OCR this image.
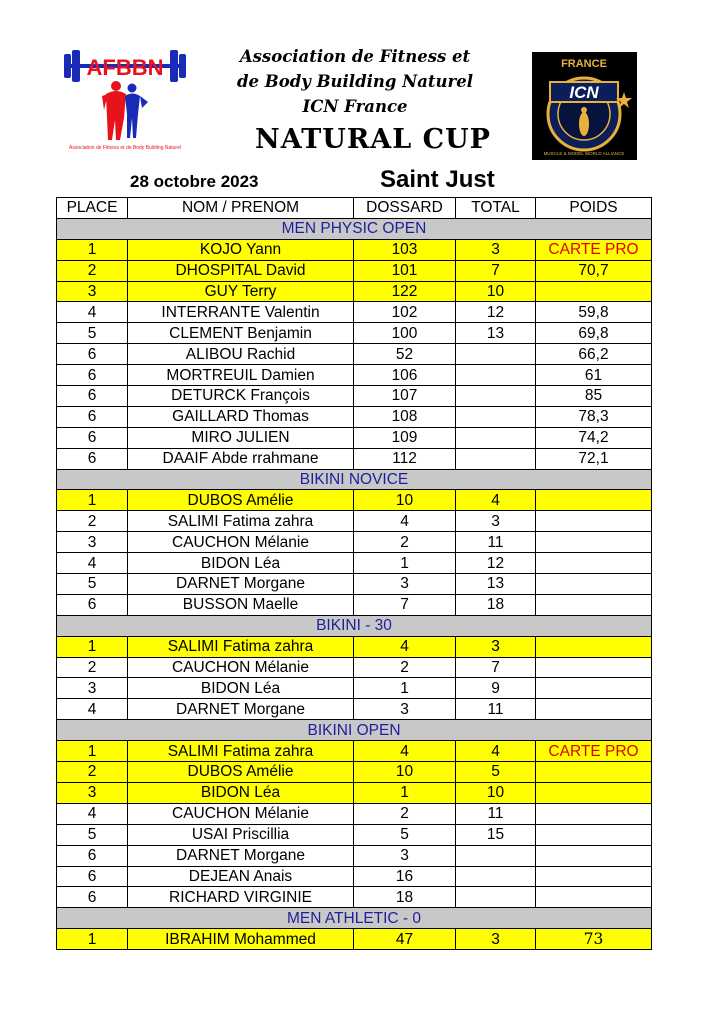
AFBBN
Association de Fitness et de Body Building Naturel
Association de Fitness et
de Body Building Naturel
ICN France
FRANCE
ICN
MUSCLE & MODEL WORLD ALLIANCE
NATURAL CUP
28 octobre 2023	Saint Just
PLACE	NOM / PRENOM	DOSSARD	TOTAL	POIDS
MEN PHYSIC OPEN				
1	KOJO Yann	103	3	CARTE PRO
2	DHOSPITAL David	101	7	70,7
3	GUY Terry	122	10	
4	INTERRANTE Valentin	102	12	59,8
5	CLEMENT Benjamin	100	13	69,8
6	ALIBOU Rachid	52		66,2
6	MORTREUIL Damien	106		61
6	DETURCK François	107		85
6	GAILLARD Thomas	108		78,3
6	MIRO JULIEN	109		74,2
6	DAAIF Abde rrahmane	112		72,1
BIKINI NOVICE				
1	DUBOS Amélie	10	4	
2	SALIMI Fatima zahra	4	3	
3	CAUCHON Mélanie	2	11	
4	BIDON Léa	1	12	
5	DARNET Morgane	3	13	
6	BUSSON Maelle	7	18	
BIKINI - 30				
1	SALIMI Fatima zahra	4	3	
2	CAUCHON Mélanie	2	7	
3	BIDON Léa	1	9	
4	DARNET Morgane	3	11	
BIKINI OPEN				
1	SALIMI Fatima zahra	4	4	CARTE PRO
2	DUBOS Amélie	10	5	
3	BIDON Léa	1	10	
4	CAUCHON Mélanie	2	11	
5	USAI Priscillia	5	15	
6	DARNET Morgane	3		
6	DEJEAN Anais	16		
6	RICHARD VIRGINIE	18		
MEN ATHLETIC - 0				
1	IBRAHIM Mohammed	47	3	73
